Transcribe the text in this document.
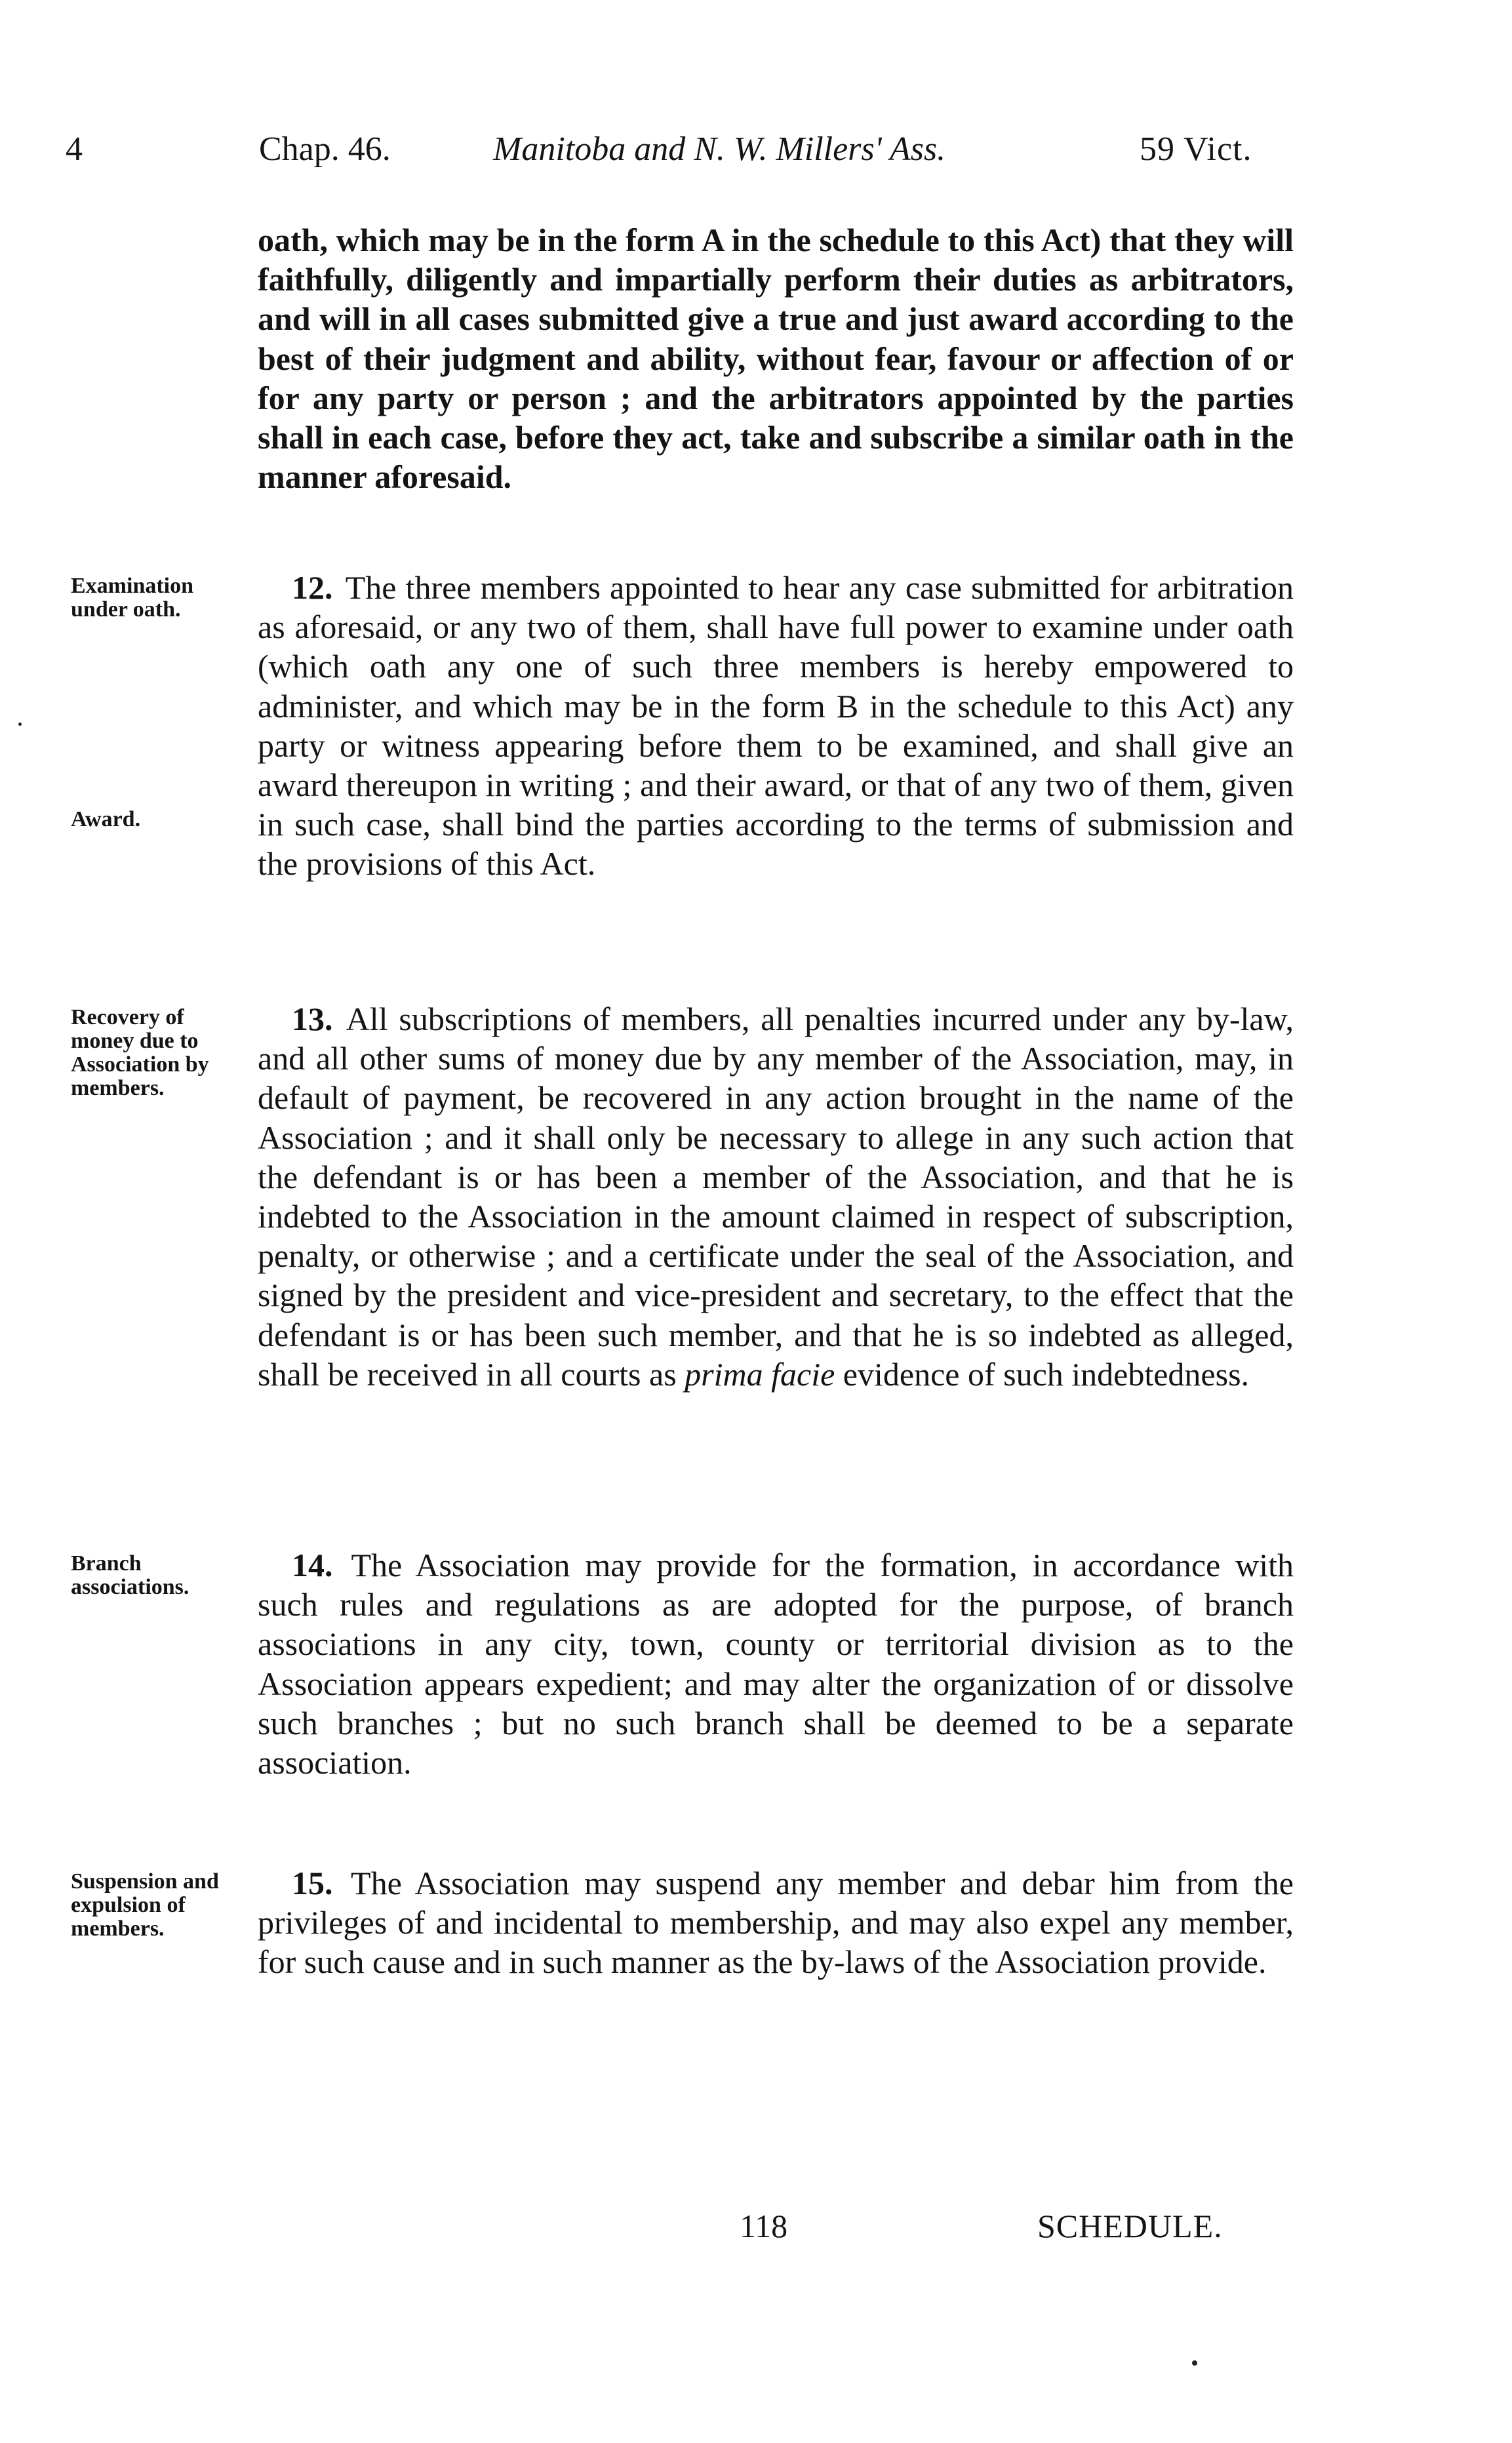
4	Chap. 46.	Manitoba and N. W. Millers' Ass.	59 Vict.

oath, which may be in the form A in the schedule to this Act) that they will faithfully, diligently and impartially perform their duties as arbitrators, and will in all cases submitted give a true and just award according to the best of their judgment and ability, without fear, favour or affection of or for any party or person ; and the arbitrators appointed by the parties shall in each case, before they act, take and subscribe a similar oath in the manner aforesaid.

Examination under oath.

Award.

12. The three members appointed to hear any case submitted for arbitration as aforesaid, or any two of them, shall have full power to examine under oath (which oath any one of such three members is hereby empowered to administer, and which may be in the form B in the schedule to this Act) any party or witness appearing before them to be examined, and shall give an award thereupon in writing ; and their award, or that of any two of them, given in such case, shall bind the parties according to the terms of submission and the provisions of this Act.

Recovery of money due to Association by members.

13. All subscriptions of members, all penalties incurred under any by-law, and all other sums of money due by any member of the Association, may, in default of payment, be recovered in any action brought in the name of the Association ; and it shall only be necessary to allege in any such action that the defendant is or has been a member of the Association, and that he is indebted to the Association in the amount claimed in respect of subscription, penalty, or otherwise ; and a certificate under the seal of the Association, and signed by the president and vice-president and secretary, to the effect that the defendant is or has been such member, and that he is so indebted as alleged, shall be received in all courts as prima facie evidence of such indebtedness.

Branch associations.

14. The Association may provide for the formation, in accordance with such rules and regulations as are adopted for the purpose, of branch associations in any city, town, county or territorial division as to the Association appears expedient; and may alter the organization of or dissolve such branches ; but no such branch shall be deemed to be a separate association.

Suspension and expulsion of members.

15. The Association may suspend any member and debar him from the privileges of and incidental to membership, and may also expel any member, for such cause and in such manner as the by-laws of the Association provide.

118	SCHEDULE.
